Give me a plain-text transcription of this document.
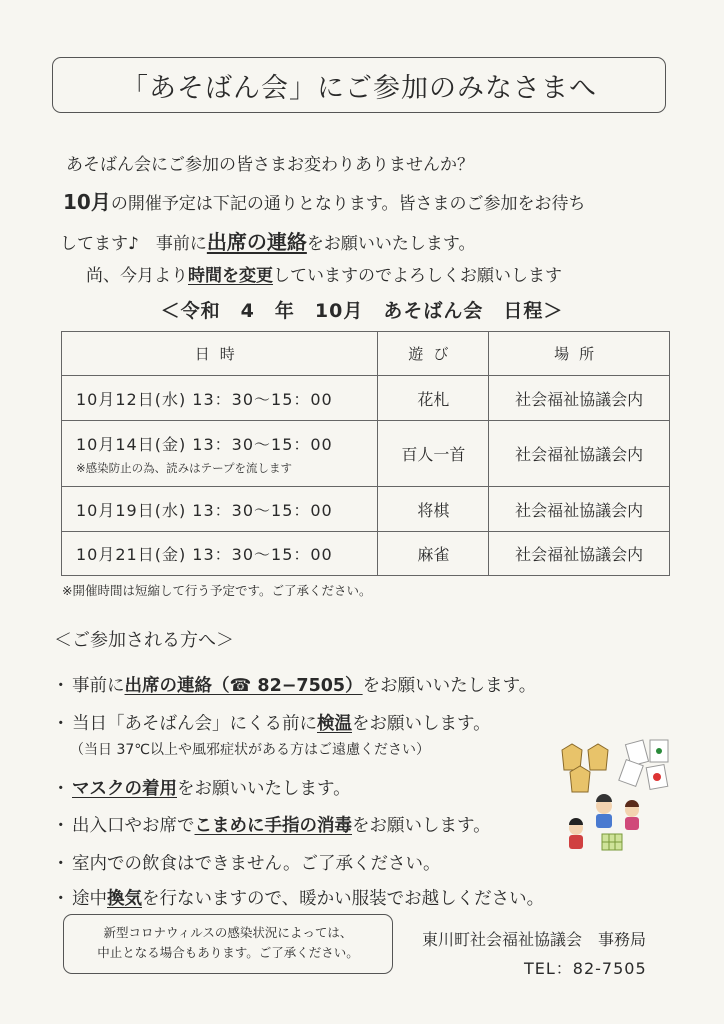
「あそばん会」にご参加のみなさまへ
あそばん会にご参加の皆さまお変わりありませんか？
10月の開催予定は下記の通りとなります。皆さまのご参加をお待ち
してます♪　事前に出席の連絡をお願いいたします。
尚、今月より時間を変更していますのでよろしくお願いします
＜令和　4　年　10月　あそばん会　日程＞
日時	遊び	場所
10月12日(水) 13：30〜15：00	花札	社会福祉協議会内
10月14日(金) 13：30〜15：00
※感染防止の為、読みはテープを流します	百人一首	社会福祉協議会内
10月19日(水) 13：30〜15：00	将棋	社会福祉協議会内
10月21日(金) 13：30〜15：00	麻雀	社会福祉協議会内
※開催時間は短縮して行う予定です。ご了承ください。
＜ご参加される方へ＞
・ 事前に出席の連絡（☎ 82−7505）をお願いいたします。
・ 当日「あそばん会」にくる前に検温をお願いします。
（当日 37℃以上や風邪症状がある方はご遠慮ください）
・ マスクの着用をお願いいたします。
・ 出入口やお席でこまめに手指の消毒をお願いします。
・ 室内での飲食はできません。ご了承ください。
・ 途中換気を行ないますので、暖かい服装でお越しください。
新型コロナウィルスの感染状況によっては、
中止となる場合もあります。ご了承ください。
東川町社会福祉協議会　事務局
TEL：82-7505
